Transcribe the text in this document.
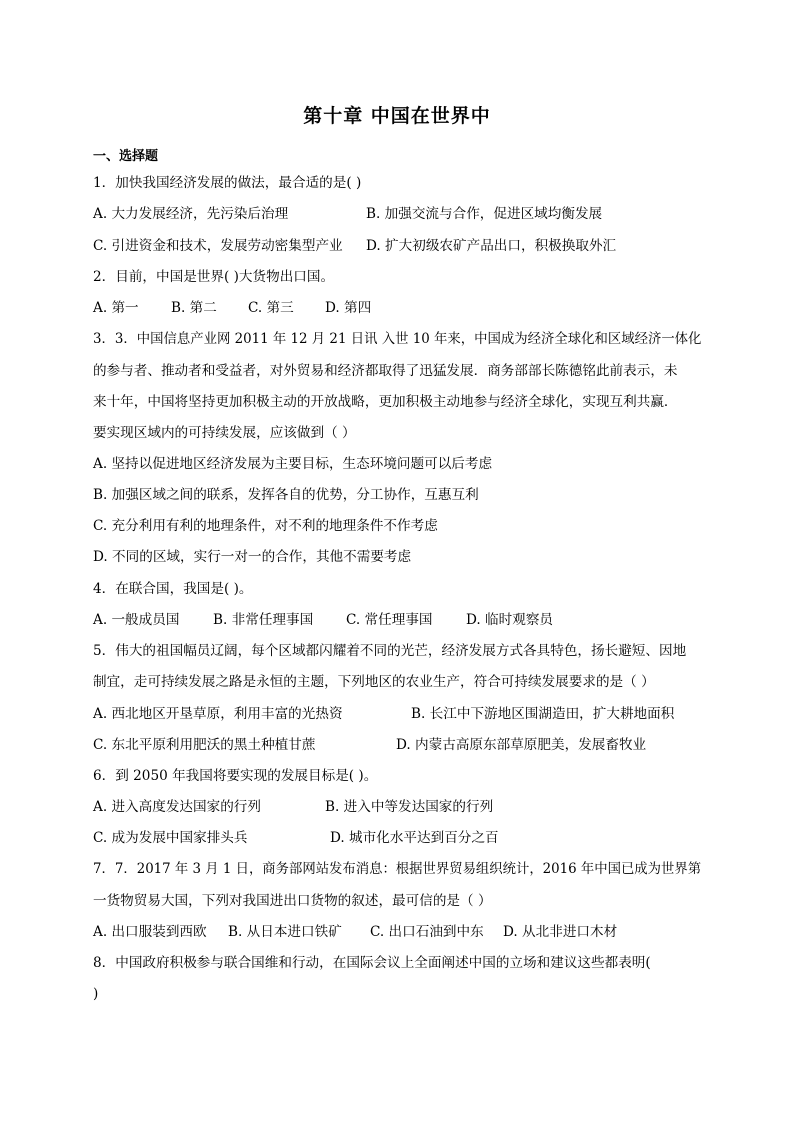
第十章 中国在世界中
一、选择题
1．加快我国经济发展的做法，最合适的是( )
A. 大力发展经济，先污染后治理	B. 加强交流与合作，促进区域均衡发展
C. 引进资金和技术，发展劳动密集型产业 D. 扩大初级农矿产品出口，积极换取外汇
2．目前，中国是世界( )大货物出口国。
A. 第一 B. 第二 C. 第三 D. 第四
3．3．中国信息产业网 2011 年 12 月 21 日讯 入世 10 年来，中国成为经济全球化和区域经济一体化
的参与者、推动者和受益者，对外贸易和经济都取得了迅猛发展．商务部部长陈德铭此前表示，未
来十年，中国将坚持更加积极主动的开放战略，更加积极主动地参与经济全球化，实现互利共赢．
要实现区域内的可持续发展，应该做到（ ）
A. 坚持以促进地区经济发展为主要目标，生态环境问题可以后考虑
B. 加强区域之间的联系，发挥各自的优势，分工协作，互惠互利
C. 充分利用有利的地理条件，对不利的地理条件不作考虑
D. 不同的区域，实行一对一的合作，其他不需要考虑
4．在联合国，我国是( )。
A. 一般成员国 B. 非常任理事国 C. 常任理事国 D. 临时观察员
5．伟大的祖国幅员辽阔，每个区域都闪耀着不同的光芒，经济发展方式各具特色，扬长避短、因地
制宜，走可持续发展之路是永恒的主题，下列地区的农业生产，符合可持续发展要求的是（ ）
A. 西北地区开垦草原，利用丰富的光热资	B. 长江中下游地区围湖造田，扩大耕地面积
C. 东北平原利用肥沃的黑土种植甘蔗	D. 内蒙古高原东部草原肥美，发展畜牧业
6．到 2050 年我国将要实现的发展目标是( )。
A. 进入高度发达国家的行列	B. 进入中等发达国家的行列
C. 成为发展中国家排头兵	D. 城市化水平达到百分之百
7．7．2017 年 3 月 1 日，商务部网站发布消息：根据世界贸易组织统计，2016 年中国已成为世界第
一货物贸易大国，下列对我国进出口货物的叙述，最可信的是（ ）
A. 出口服装到西欧 B. 从日本进口铁矿 C. 出口石油到中东 D. 从北非进口木材
8．中国政府积极参与联合国维和行动，在国际会议上全面阐述中国的立场和建议这些都表明(
)
